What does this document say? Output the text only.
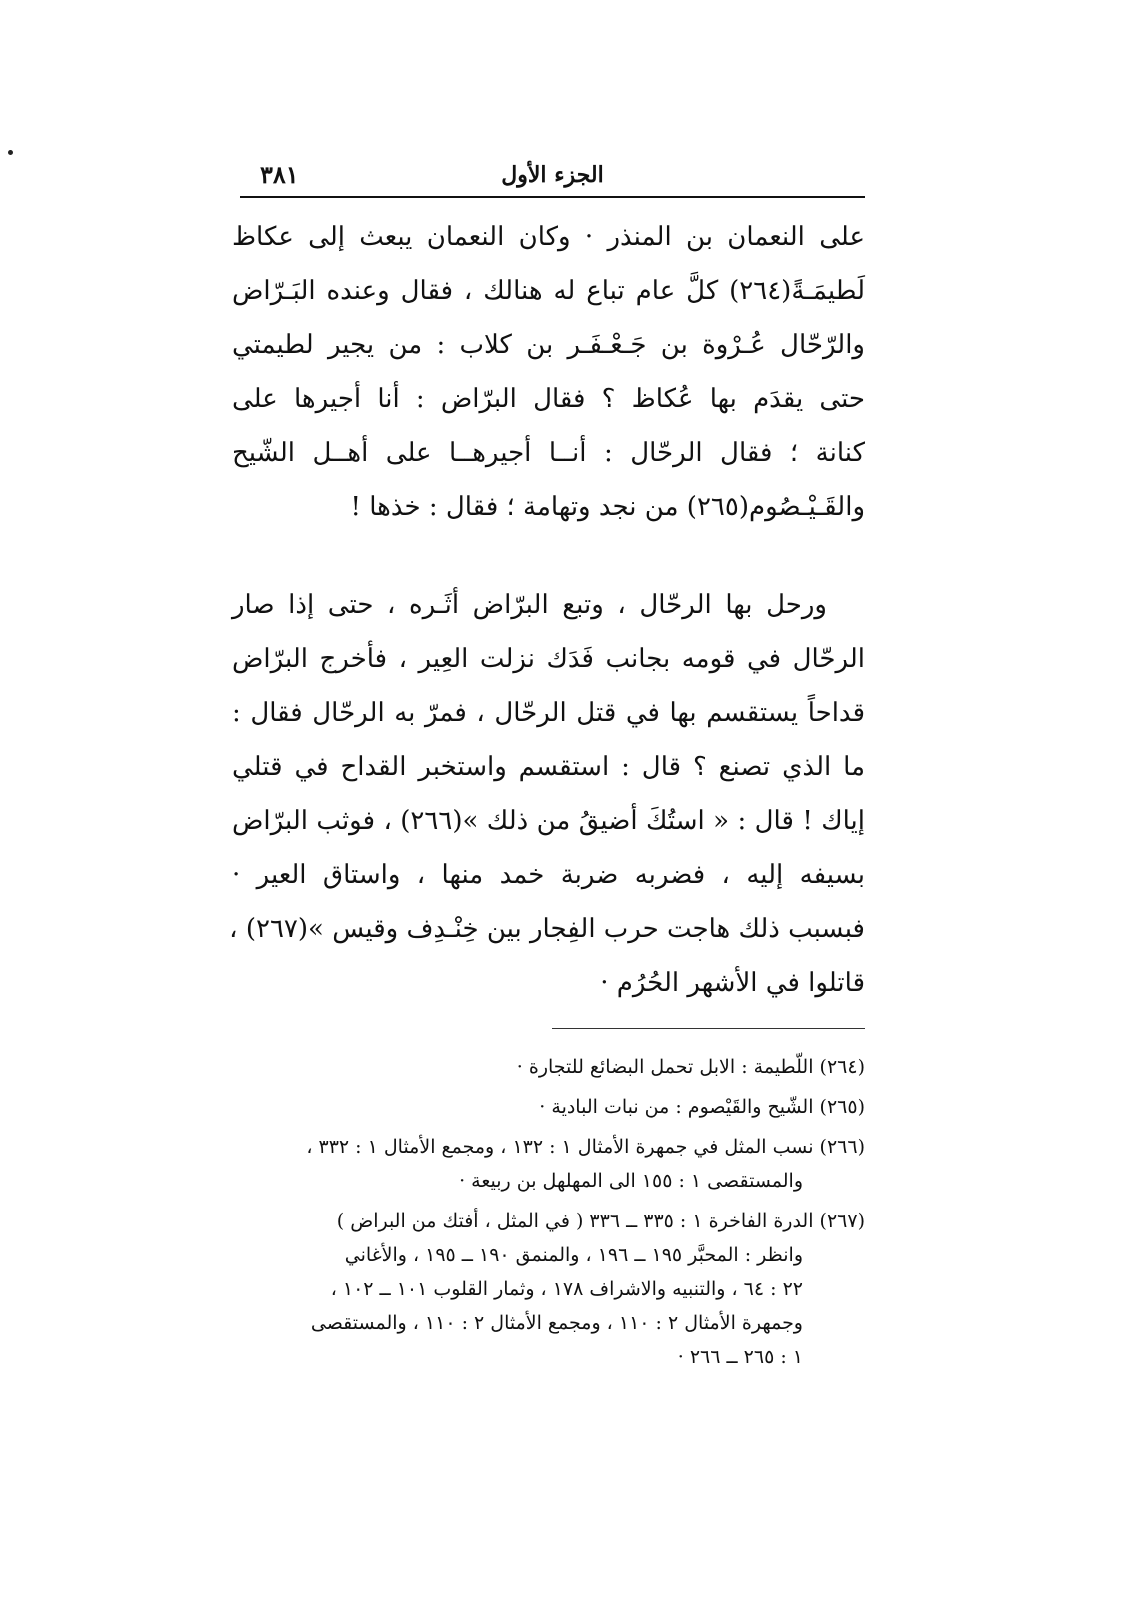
الجزء الأول
٣٨١
على النعمان بن المنذر · وكان النعمان يبعث إلى عكاظ
لَطيمَـةً(٢٦٤) كلَّ عام تباع له هنالك ، فقال وعنده البَـرّاض
والرّحّال عُـرْوة بن جَـعْـفَـر بن كلاب : من يجير لطيمتي
حتى يقدَم بها عُكاظ ؟ فقال البرّاض : أنا أجيرها على
كنانة ؛ فقال الرحّال : أنــا أجيرهــا على أهــل الشّيح
والقَـيْـصُوم(٢٦٥) من نجد وتهامة ؛ فقال : خذها !
ورحل بها الرحّال ، وتبع البرّاض أثَـره ، حتى إذا صار
الرحّال في قومه بجانب فَدَك نزلت العِير ، فأخرج البرّاض
قداحاً يستقسم بها في قتل الرحّال ، فمرّ به الرحّال فقال :
ما الذي تصنع ؟ قال : استقسم واستخبر القداح في قتلي
إياك ! قال : « استُكَ أضيقُ من ذلك »(٢٦٦) ، فوثب البرّاض
بسيفه إليه ، فضربه ضربة خمد منها ، واستاق العير ·
فبسبب ذلك هاجت حرب الفِجار بين خِنْـدِف وقيس »(٢٦٧) ،
قاتلوا في الأشهر الحُرُم ·
(٢٦٤) اللّطيمة : الابل تحمل البضائع للتجارة ·
(٢٦٥) الشّيح والقَيْصوم : من نبات البادية ·
(٢٦٦) نسب المثل في جمهرة الأمثال ١ : ١٣٢ ، ومجمع الأمثال ١ : ٣٣٢ ،
والمستقصى ١ : ١٥٥ الى المهلهل بن ربيعة ·
(٢٦٧) الدرة الفاخرة ١ : ٣٣٥ ــ ٣٣٦ ( في المثل ، أفتك من البراض )
وانظر : المحبَّر ١٩٥ ــ ١٩٦ ، والمنمق ١٩٠ ــ ١٩٥ ، والأغاني
٢٢ : ٦٤ ، والتنبيه والاشراف ١٧٨ ، وثمار القلوب ١٠١ ــ ١٠٢ ،
وجمهرة الأمثال ٢ : ١١٠ ، ومجمع الأمثال ٢ : ١١٠ ، والمستقصى
١ : ٢٦٥ ــ ٢٦٦ ·
